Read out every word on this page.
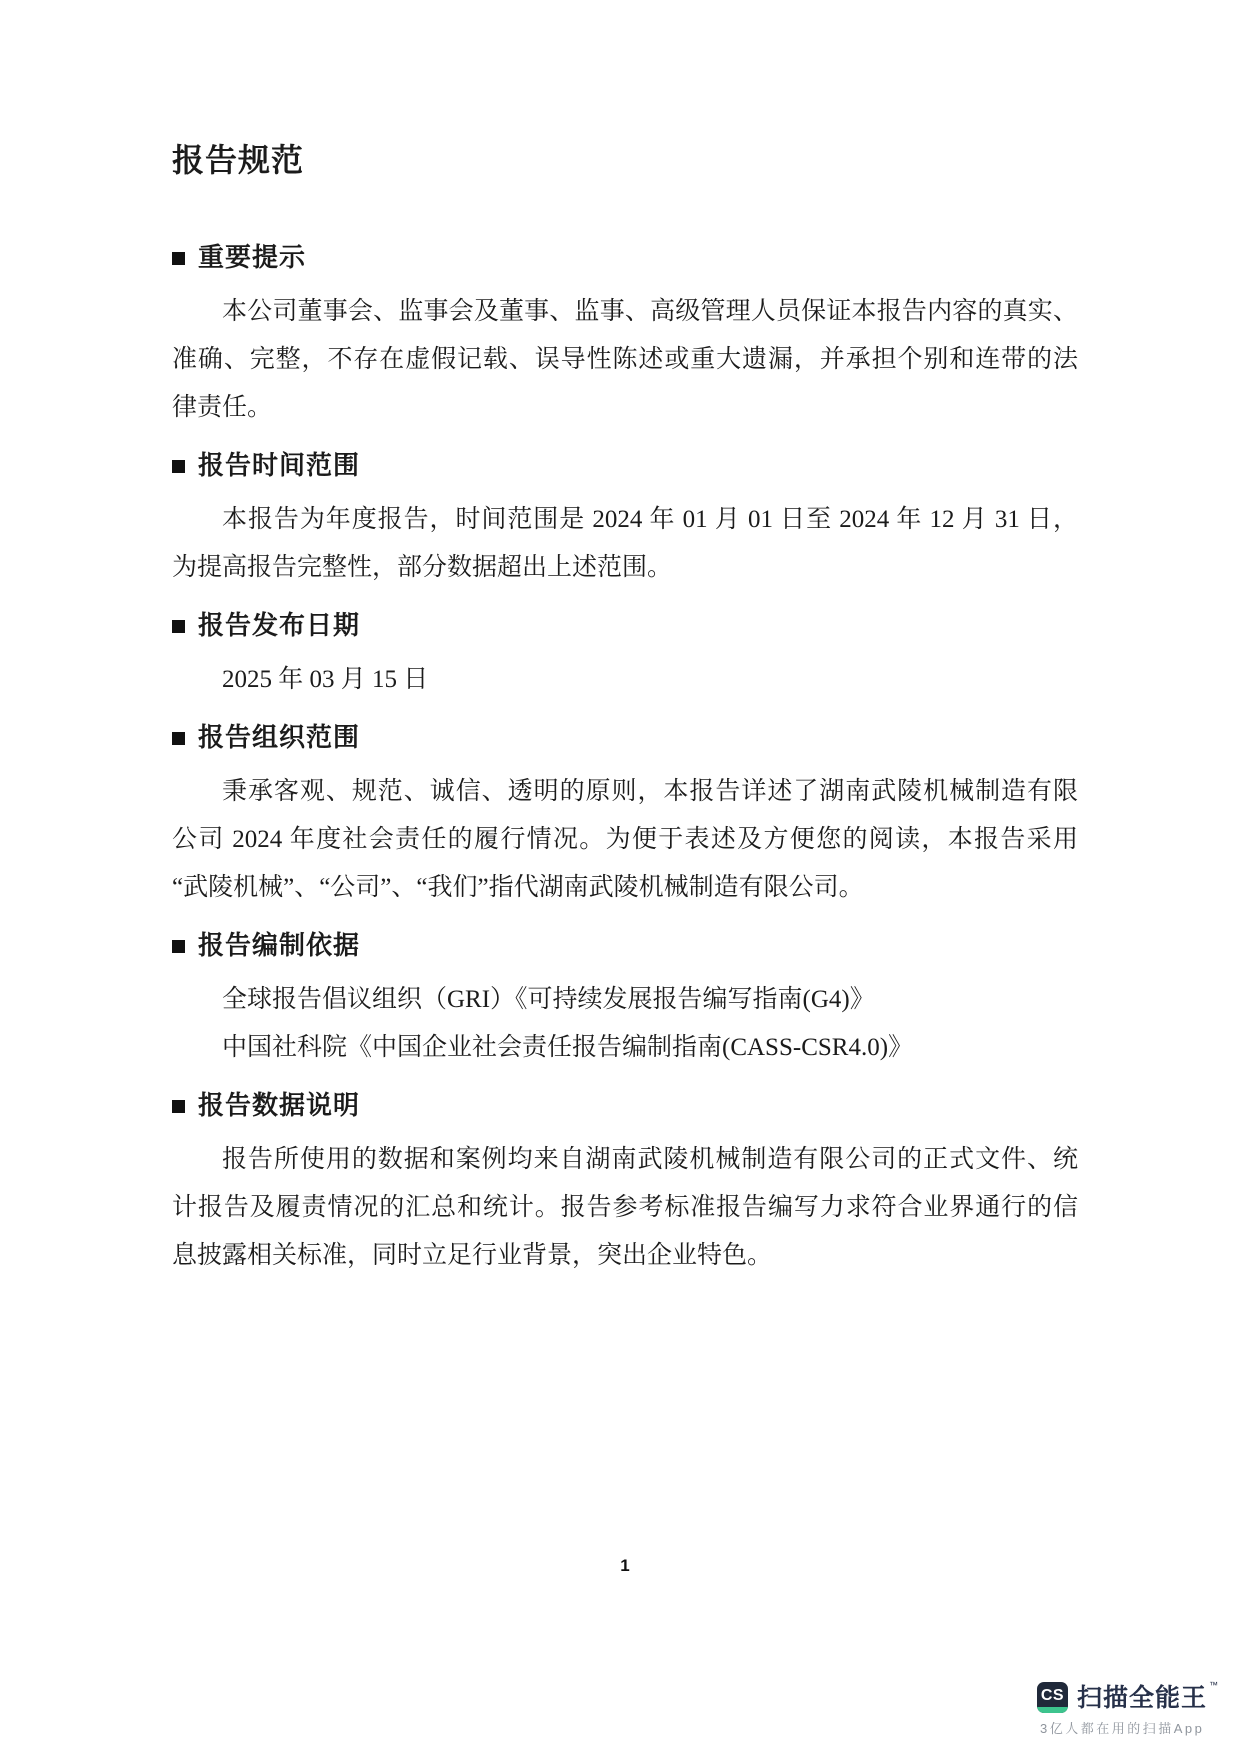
报告规范
重要提示
本公司董事会、监事会及董事、监事、高级管理人员保证本报告内容的真实、
准确、完整，不存在虚假记载、误导性陈述或重大遗漏，并承担个别和连带的法
律责任。
报告时间范围
本报告为年度报告，时间范围是 2024 年 01 月 01 日至 2024 年 12 月 31 日，
为提高报告完整性，部分数据超出上述范围。
报告发布日期
2025 年 03 月 15 日
报告组织范围
秉承客观、规范、诚信、透明的原则，本报告详述了湖南武陵机械制造有限
公司 2024 年度社会责任的履行情况。为便于表述及方便您的阅读，本报告采用
“武陵机械”、“公司”、“我们”指代湖南武陵机械制造有限公司。
报告编制依据
全球报告倡议组织（GRI）《可持续发展报告编写指南(G4)》
中国社科院《中国企业社会责任报告编制指南(CASS-CSR4.0)》
报告数据说明
报告所使用的数据和案例均来自湖南武陵机械制造有限公司的正式文件、统
计报告及履责情况的汇总和统计。报告参考标准报告编写力求符合业界通行的信
息披露相关标准，同时立足行业背景，突出企业特色。
1
CS 扫描全能王 ™
3亿人都在用的扫描App
